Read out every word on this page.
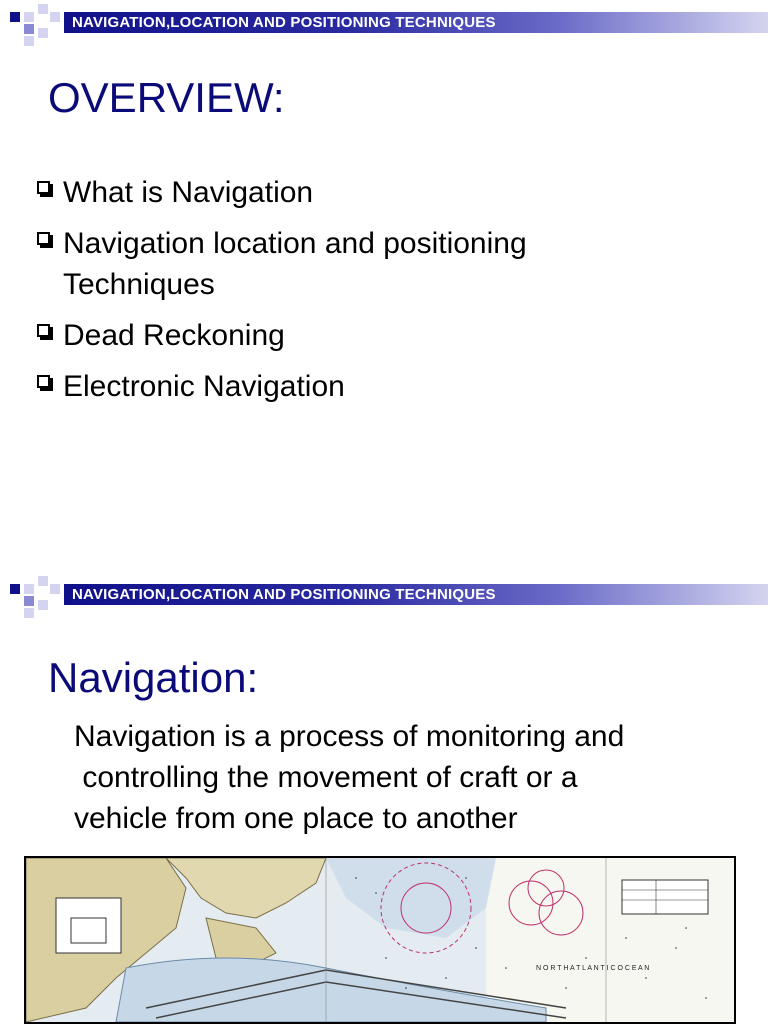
NAVIGATION,LOCATION AND POSITIONING TECHNIQUES
OVERVIEW:
What is Navigation
Navigation location and positioning
Techniques
Dead Reckoning
Electronic Navigation
NAVIGATION,LOCATION AND POSITIONING TECHNIQUES
Navigation:
Navigation is a process of monitoring and
controlling the movement of craft or a
vehicle from one place to another
N O R T H A T L A N T I C O C E A N
